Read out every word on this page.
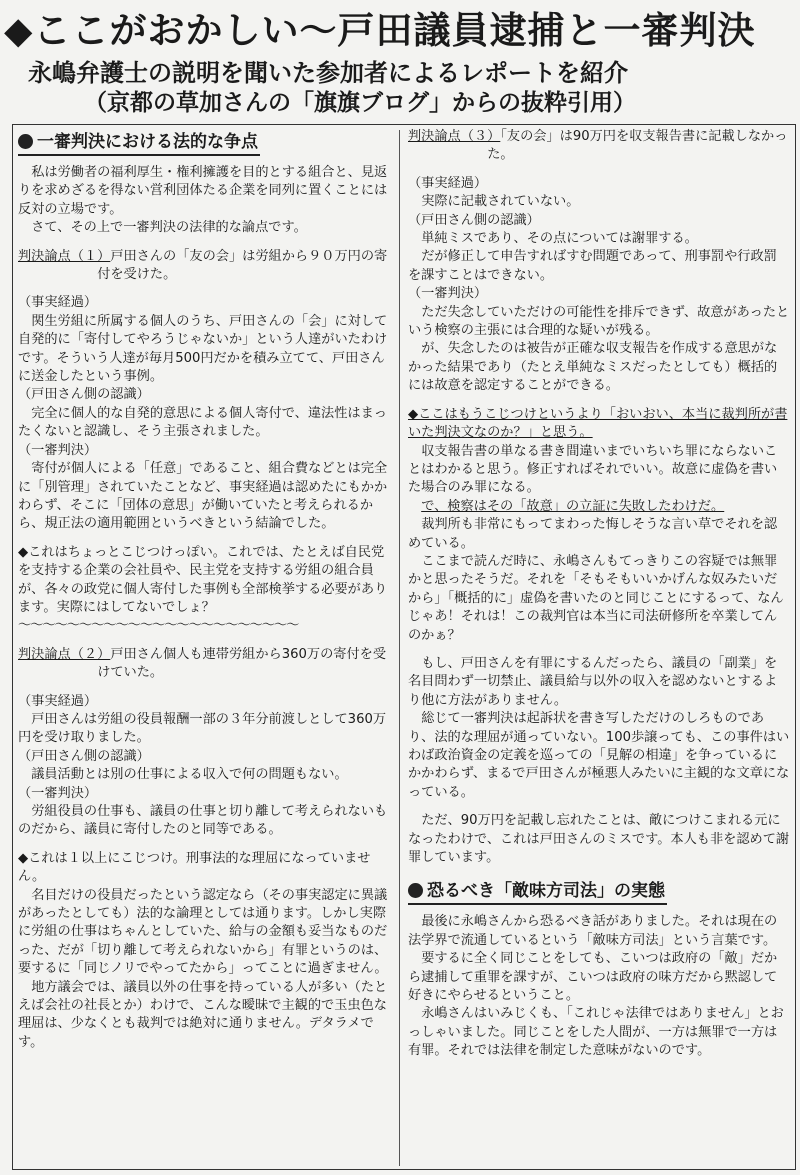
◆ここがおかしい〜戸田議員逮捕と一審判決
永嶋弁護士の説明を聞いた参加者によるレポートを紹介
（京都の草加さんの「旗旗ブログ」からの抜粋引用）
一審判決における法的な争点

私は労働者の福利厚生・権利擁護を目的とする組合と、見返りを求めざるを得ない営利団体たる企業を同列に置くことには反対の立場です。

さて、その上で一審判決の法律的な論点です。

判決論点（１）戸田さんの「友の会」は労組から９０万円の寄付を受けた。

（事実経過）

関生労組に所属する個人のうち、戸田さんの「会」に対して自発的に「寄付してやろうじゃないか」という人達がいたわけです。そういう人達が毎月500円だかを積み立てて、戸田さんに送金したという事例。

（戸田さん側の認識）

完全に個人的な自発的意思による個人寄付で、違法性はまったくないと認識し、そう主張されました。

（一審判決）

寄付が個人による「任意」であること、組合費などとは完全に「別管理」されていたことなど、事実経過は認めたにもかかわらず、そこに「団体の意思」が働いていたと考えられるから、規正法の適用範囲というべきという結論でした。

◆これはちょっとこじつけっぽい。これでは、たとえば自民党を支持する企業の会社員や、民主党を支持する労組の組合員が、各々の政党に個人寄付した事例も全部検挙する必要があります。実際にはしてないでしょ？

〜〜〜〜〜〜〜〜〜〜〜〜〜〜〜〜〜〜〜〜〜〜〜

判決論点（２）戸田さん個人も連帯労組から360万の寄付を受けていた。

（事実経過）

戸田さんは労組の役員報酬一部の３年分前渡しとして360万円を受け取りました。

（戸田さん側の認識）

議員活動とは別の仕事による収入で何の問題もない。

（一審判決）

労組役員の仕事も、議員の仕事と切り離して考えられないものだから、議員に寄付したのと同等である。

◆これは１以上にこじつけ。刑事法的な理屈になっていません。

名目だけの役員だったという認定なら（その事実認定に異議があったとしても）法的な論理としては通ります。しかし実際に労組の仕事はちゃんとしていた、給与の金額も妥当なものだった、だが「切り離して考えられないから」有罪というのは、要するに「同じノリでやってたから」ってことに過ぎません。

地方議会では、議員以外の仕事を持っている人が多い（たとえば会社の社長とか）わけで、こんな曖昧で主観的で玉虫色な理屈は、少なくとも裁判では絶対に通りません。デタラメです。

判決論点（３）「友の会」は90万円を収支報告書に記載しなかった。

（事実経過）

実際に記載されていない。

（戸田さん側の認識）

単純ミスであり、その点については謝罪する。

だが修正して申告すればすむ問題であって、刑事罰や行政罰を課すことはできない。

（一審判決）

ただ失念していただけの可能性を排斥できず、故意があったという検察の主張には合理的な疑いが残る。

が、失念したのは被告が正確な収支報告を作成する意思がなかった結果であり（たとえ単純なミスだったとしても）概括的には故意を認定することができる。

◆ここはもうこじつけというより「おいおい、本当に裁判所が書いた判決文なのか？」と思う。

収支報告書の単なる書き間違いまでいちいち罪にならないことはわかると思う。修正すればそれでいい。故意に虚偽を書いた場合のみ罪になる。

で、検察はその「故意」の立証に失敗したわけだ。

裁判所も非常にもってまわった悔しそうな言い草でそれを認めている。

ここまで読んだ時に、永嶋さんもてっきりこの容疑では無罪かと思ったそうだ。それを「そもそもいいかげんな奴みたいだから」「概括的に」虚偽を書いたのと同じことにするって、なんじゃあ！それは！この裁判官は本当に司法研修所を卒業してんのかぁ？

もし、戸田さんを有罪にするんだったら、議員の「副業」を名目問わず一切禁止、議員給与以外の収入を認めないとするより他に方法がありません。

総じて一審判決は起訴状を書き写しただけのしろものであり、法的な理屈が通っていない。100歩譲っても、この事件はいわば政治資金の定義を巡っての「見解の相違」を争っているにかかわらず、まるで戸田さんが極悪人みたいに主観的な文章になっている。

ただ、90万円を記載し忘れたことは、敵につけこまれる元になったわけで、これは戸田さんのミスです。本人も非を認めて謝罪しています。

恐るべき「敵味方司法」の実態

最後に永嶋さんから恐るべき話がありました。それは現在の法学界で流通しているという「敵味方司法」という言葉です。

要するに全く同じことをしても、こいつは政府の「敵」だから逮捕して重罪を課すが、こいつは政府の味方だから黙認して好きにやらせるということ。

永嶋さんはいみじくも、「これじゃ法律ではありません」とおっしゃいました。同じことをした人間が、一方は無罪で一方は有罪。それでは法律を制定した意味がないのです。
